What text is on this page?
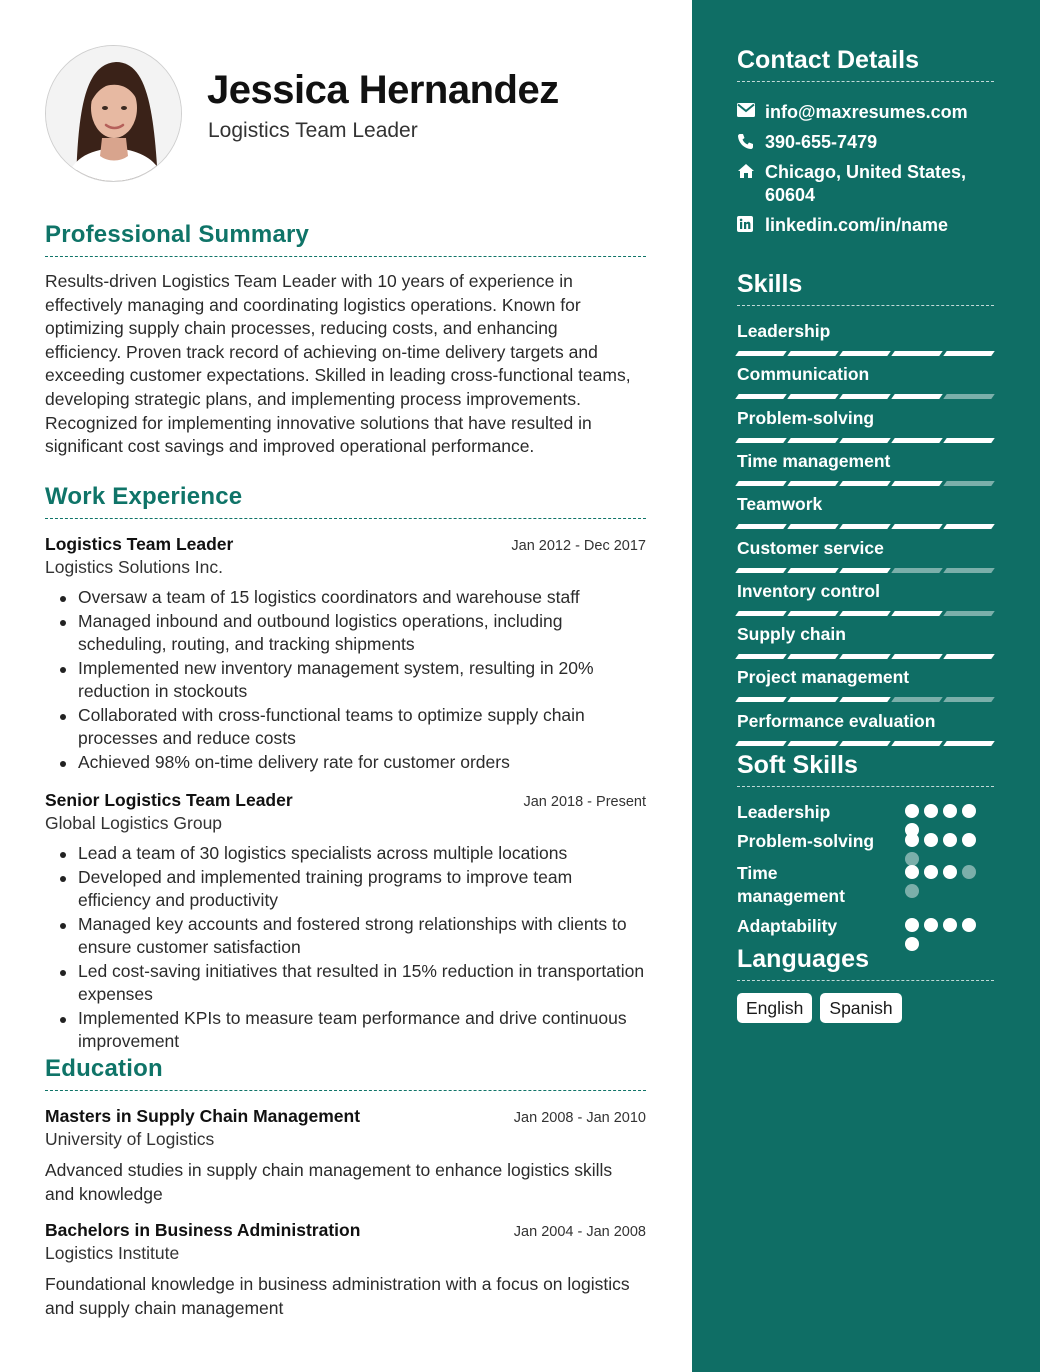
Jessica Hernandez
Logistics Team Leader
Professional Summary
Results-driven Logistics Team Leader with 10 years of experience in effectively managing and coordinating logistics operations. Known for optimizing supply chain processes, reducing costs, and enhancing efficiency. Proven track record of achieving on-time delivery targets and exceeding customer expectations. Skilled in leading cross-functional teams, developing strategic plans, and implementing process improvements. Recognized for implementing innovative solutions that have resulted in significant cost savings and improved operational performance.
Work Experience
Logistics Team Leader	Jan 2012 - Dec 2017
Logistics Solutions Inc.
Oversaw a team of 15 logistics coordinators and warehouse staff
Managed inbound and outbound logistics operations, including scheduling, routing, and tracking shipments
Implemented new inventory management system, resulting in 20% reduction in stockouts
Collaborated with cross-functional teams to optimize supply chain processes and reduce costs
Achieved 98% on-time delivery rate for customer orders
Senior Logistics Team Leader	Jan 2018 - Present
Global Logistics Group
Lead a team of 30 logistics specialists across multiple locations
Developed and implemented training programs to improve team efficiency and productivity
Managed key accounts and fostered strong relationships with clients to ensure customer satisfaction
Led cost-saving initiatives that resulted in 15% reduction in transportation expenses
Implemented KPIs to measure team performance and drive continuous improvement
Education
Masters in Supply Chain Management	Jan 2008 - Jan 2010
University of Logistics
Advanced studies in supply chain management to enhance logistics skills and knowledge
Bachelors in Business Administration	Jan 2004 - Jan 2008
Logistics Institute
Foundational knowledge in business administration with a focus on logistics and supply chain management
Contact Details
info@maxresumes.com
390-655-7479
Chicago, United States, 60604
linkedin.com/in/name
Skills
Leadership
Communication
Problem-solving
Time management
Teamwork
Customer service
Inventory control
Supply chain
Project management
Performance evaluation
Soft Skills
Leadership
Problem-solving
Time management
Adaptability
Languages
English	Spanish
